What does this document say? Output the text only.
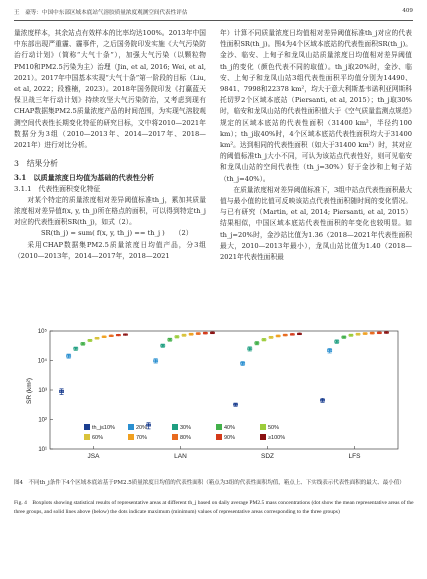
王　豪等：中国中东部区域本底站气溶胶质量浓度观测空间代表性评估	409

量浓度样本，其余站点有效样本的比率均达100%。2013年中国中东部出现严重霾、霾事件，之后国务院印发实施《大气污染防治行动计划》（简称“大气十条”），加强大气污染（以颗粒物PM10和PM2.5污染为主）治理（Jin, et al, 2016; Wei, et al, 2021）。2017年中国基本实现“大气十条”第一阶段的目标（Liu, et al, 2022；段雅楠，2023）。2018年国务院印发《打赢蓝天保卫战三年行动计划》持续攻坚大气污染防治，又考虑到现有CHAP数据集PM2.5质量浓度产品的时间范围，为实现气溶胶观测空间代表性长期变化特征的研究目标，文中将2010—2021年数据分为3组（2010—2013年、2014—2017年、2018—2021年）进行对比分析。

3　结果分析
3.1　以质量浓度日均值为基础的代表性分析
3.1.1　代表性面积变化特征

对某个特定的质量浓度相对差异阈值标准th_j，累加其质量浓度相对差异值f(x, y, th_j)所在格点的面积，可以得到特定th_j对应的代表性面积SR(th_j)，如式（2）。

SR(th_j) = sum( f(x, y, th_j) == th_j )　　（2）

采用CHAP数据集PM2.5质量浓度日均值产品，分3组（2010—2013年，2014—2017年，2018—2021

年）计算不同质量浓度日均值相对差异阈值标准th_j对应的代表性面积SR(th_j)。图4为4个区域本底站的代表性面积SR(th_j)。金沙、临安、上甸子和龙凤山站质量浓度日均值相对差异阈值th_j的变化（颜色代表不同的取值）。th_j取20%时，金沙、临安、上甸子和龙凤山站3组代表性面积平均值分别为14490、9841、7998和22378 km²，均大于意大利斯基韦诺利亚网斯科托切罗2个区域本底站（Piersanti, et al, 2015）；th_j取30%时，临安和龙凤山站的代表性面积值大于《空气质量监测点规范》规定的区域本底站的代表性面积（31400 km²，半径约100 km）；th_j取40%时，4个区域本底站代表性面积均大于31400 km²。达到相同的代表性面积（如大于31400 km²）时，其对应的阈值标准th_j大小不同，可认为该站点代表性好，则可见临安和龙凤山站的空间代表性（th_j=30%）好于金沙和上甸子站（th_j=40%）。

在质量浓度相对差异阈值标准下，3组中站点代表性面积最大值与最小值的比值可反映该站点代表性面积随时间的变化情况。与已有研究（Martin, et al, 2014; Piersanti, et al, 2015）结果相似，中国区域本底站代表性面积的年变化也较明显。如th_j=20%时，金沙站比值为1.36（2018—2021年代表性面积最大，2010—2013年最小），龙凤山站比值为1.40（2018—2021年代表性面积最

SR (km²)
10¹
10²
10³
10⁴
10⁵
JSA	LAN	SDZ	LFS
th_j≤10%	20%	30%	40%	50%
60%	70%	80%	90%	≥100%
图4　不同th_j条件下4个区域本底站基于PM2.5质量浓度日均值的代表性面积（箱点为3组的代表性面积均值，箱点上、下实线表示代表性面积的最大、最小值）
Fig. 4　Boxplots showing statistical results of representative areas at different th_j based on daily average PM2.5 mass concentrations (dot show the mean representative areas of the three groups, and solid lines above (below) the dots indicate maximum (minimum) values of representative areas corresponding to the three groups)
